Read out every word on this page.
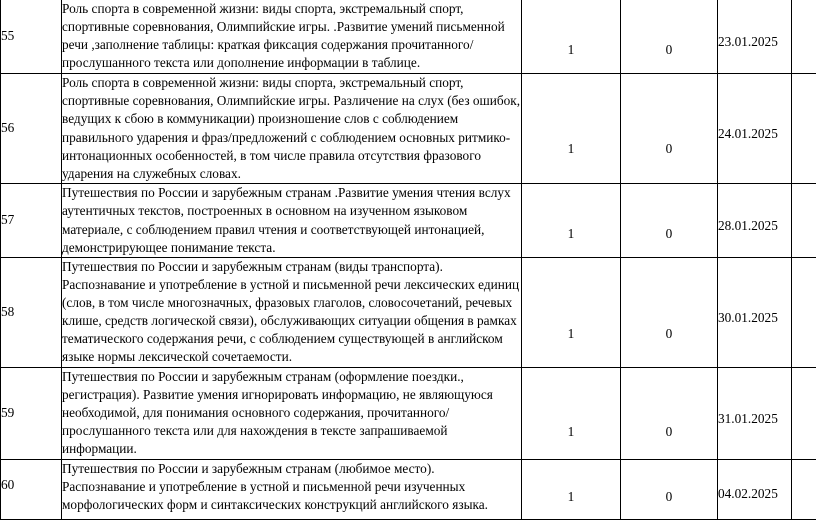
55	Роль спорта в современной жизни: виды спорта, экстремальный спорт, спортивные соревнования, Олимпийские игры. .Развитие умений письменной речи ,заполнение таблицы: краткая фиксация содержания прочитанного/прослушанного текста или дополнение информации в таблице.	1	0	23.01.2025	

56	Роль спорта в современной жизни: виды спорта, экстремальный спорт, спортивные соревнования, Олимпийские игры. Различение на слух (без ошибок, ведущих к сбою в коммуникации) произношение слов с соблюдением правильного ударения и фраз/предложений с соблюдением основных ритмико-интонационных особенностей, в том числе правила отсутствия фразового ударения на служебных словах.	1	0	24.01.2025	

57	Путешествия по России и зарубежным странам .Развитие умения чтения вслух аутентичных текстов, построенных в основном на изученном языковом материале, с соблюдением правил чтения и соответствующей интонацией, демонстрирующее понимание текста.	1	0	28.01.2025	

58	Путешествия по России и зарубежным странам (виды транспорта). Распознавание и употребление в устной и письменной речи лексических единиц (слов, в том числе многозначных, фразовых глаголов, словосочетаний, речевых клише, средств логической связи), обслуживающих ситуации общения в рамках тематического содержания речи, с соблюдением существующей в английском языке нормы лексической сочетаемости.	1	0	30.01.2025	

59	Путешествия по России и зарубежным странам (оформление поездки., регистрация). Развитие умения игнорировать информацию, не являющуюся необходимой, для понимания основного содержания, прочитанного/прослушанного текста или для нахождения в тексте запрашиваемой информации.	1	0	31.01.2025	

60	Путешествия по России и зарубежным странам (любимое место). Распознавание и употребление в устной и письменной речи изученных морфологических форм и синтаксических конструкций английского языка.	1	0	04.02.2025	
